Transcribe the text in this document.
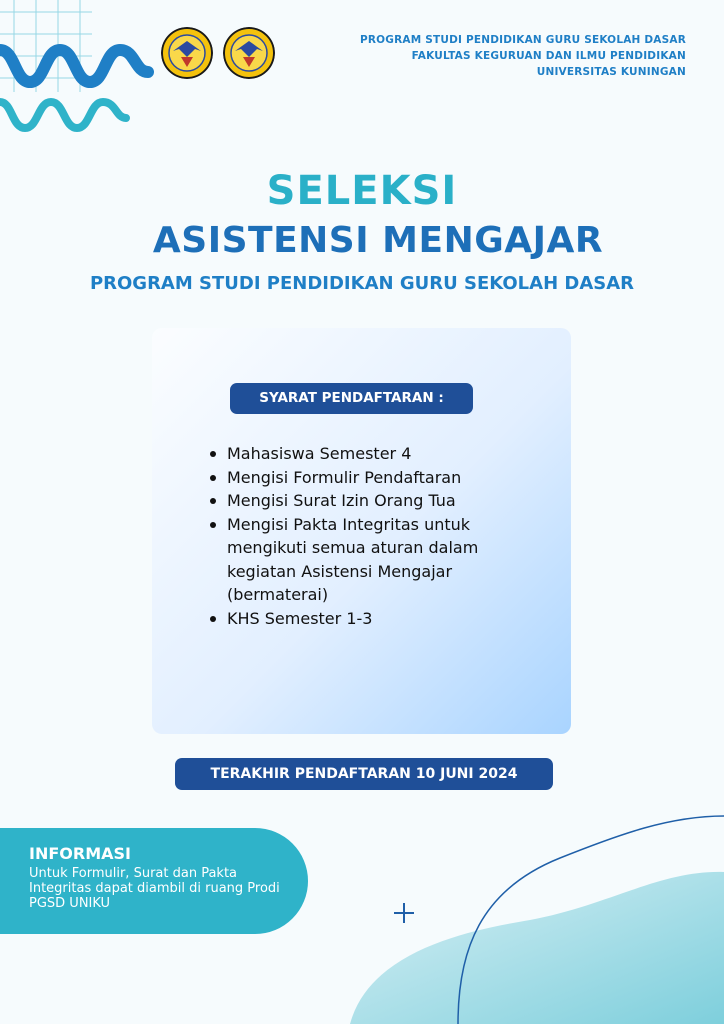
PROGRAM STUDI PENDIDIKAN GURU SEKOLAH DASAR
FAKULTAS KEGURUAN DAN ILMU PENDIDIKAN
UNIVERSITAS KUNINGAN
SELEKSI
ASISTENSI MENGAJAR
PROGRAM STUDI PENDIDIKAN GURU SEKOLAH DASAR
SYARAT PENDAFTARAN :
Mahasiswa Semester 4
Mengisi Formulir Pendaftaran
Mengisi Surat Izin Orang Tua
Mengisi Pakta Integritas untuk mengikuti semua aturan dalam kegiatan Asistensi Mengajar (bermaterai)
KHS Semester 1-3
TERAKHIR PENDAFTARAN 10 JUNI 2024
INFORMASI
Untuk Formulir, Surat dan Pakta Integritas dapat diambil di ruang Prodi PGSD UNIKU
